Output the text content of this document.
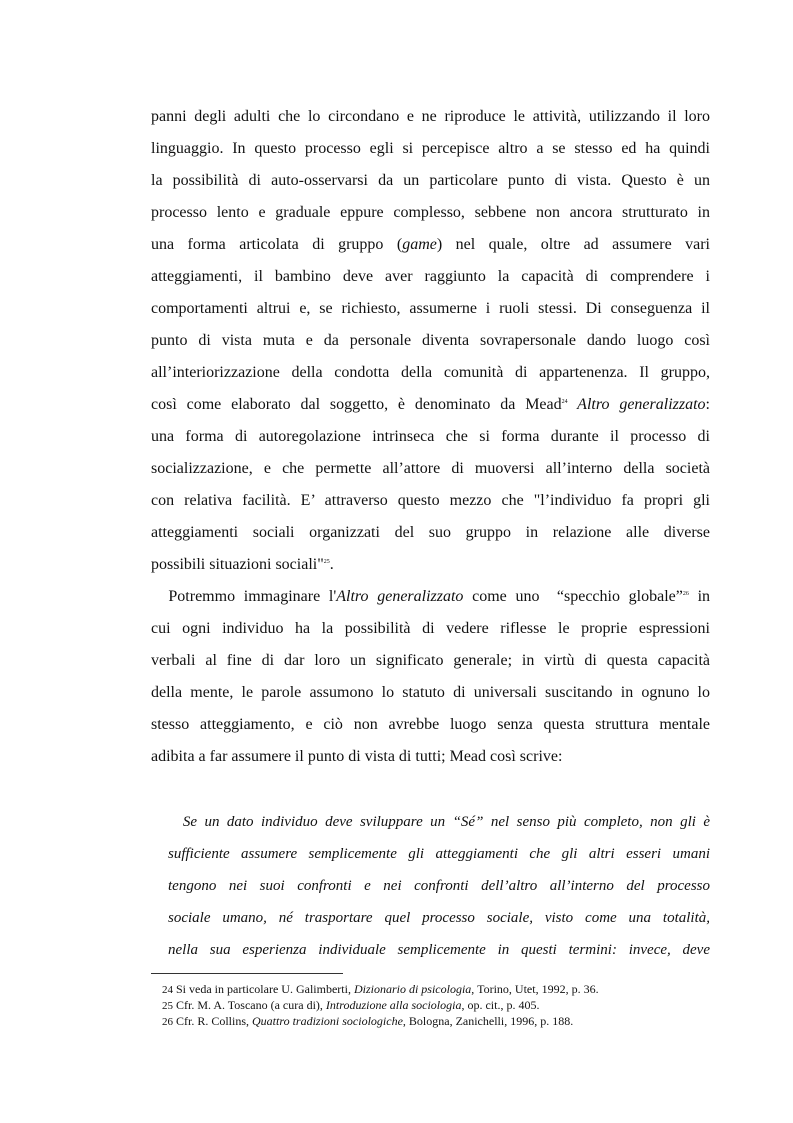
panni degli adulti che lo circondano e ne riproduce le attività, utilizzando il loro
linguaggio. In questo processo egli si percepisce altro a se stesso ed ha quindi
la possibilità di auto-osservarsi da un particolare punto di vista. Questo è un
processo lento e graduale eppure complesso, sebbene non ancora strutturato in
una forma articolata di gruppo (game) nel quale, oltre ad assumere vari
atteggiamenti, il bambino deve aver raggiunto la capacità di comprendere i
comportamenti altrui e, se richiesto, assumerne i ruoli stessi. Di conseguenza il
punto di vista muta e da personale diventa sovrapersonale dando luogo così
all’interiorizzazione della condotta della comunità di appartenenza. Il gruppo,
così come elaborato dal soggetto, è denominato da Mead$^{24}$ Altro generalizzato:
una forma di autoregolazione intrinseca che si forma durante il processo di
socializzazione, e che permette all’attore di muoversi all’interno della società
con relativa facilità. E’ attraverso questo mezzo che "l’individuo fa propri gli
atteggiamenti sociali organizzati del suo gruppo in relazione alle diverse
possibili situazioni sociali"$^{25}$.
Potremmo immaginare l'Altro generalizzato come uno  “specchio globale”$^{26}$ in
cui ogni individuo ha la possibilità di vedere riflesse le proprie espressioni
verbali al fine di dar loro un significato generale; in virtù di questa capacità
della mente, le parole assumono lo statuto di universali suscitando in ognuno lo
stesso atteggiamento, e ciò non avrebbe luogo senza questa struttura mentale
adibita a far assumere il punto di vista di tutti; Mead così scrive:
Se un dato individuo deve sviluppare un “Sé” nel senso più completo, non gli è
sufficiente assumere semplicemente gli atteggiamenti che gli altri esseri umani
tengono nei suoi confronti e nei confronti dell’altro all’interno del processo
sociale umano, né trasportare quel processo sociale, visto come una totalità,
nella sua esperienza individuale semplicemente in questi termini: invece, deve
24 Si veda in particolare U. Galimberti, Dizionario di psicologia, Torino, Utet, 1992, p. 36.
25 Cfr. M. A. Toscano (a cura di), Introduzione alla sociologia, op. cit., p. 405.
26 Cfr. R. Collins, Quattro tradizioni sociologiche, Bologna, Zanichelli, 1996, p. 188.
